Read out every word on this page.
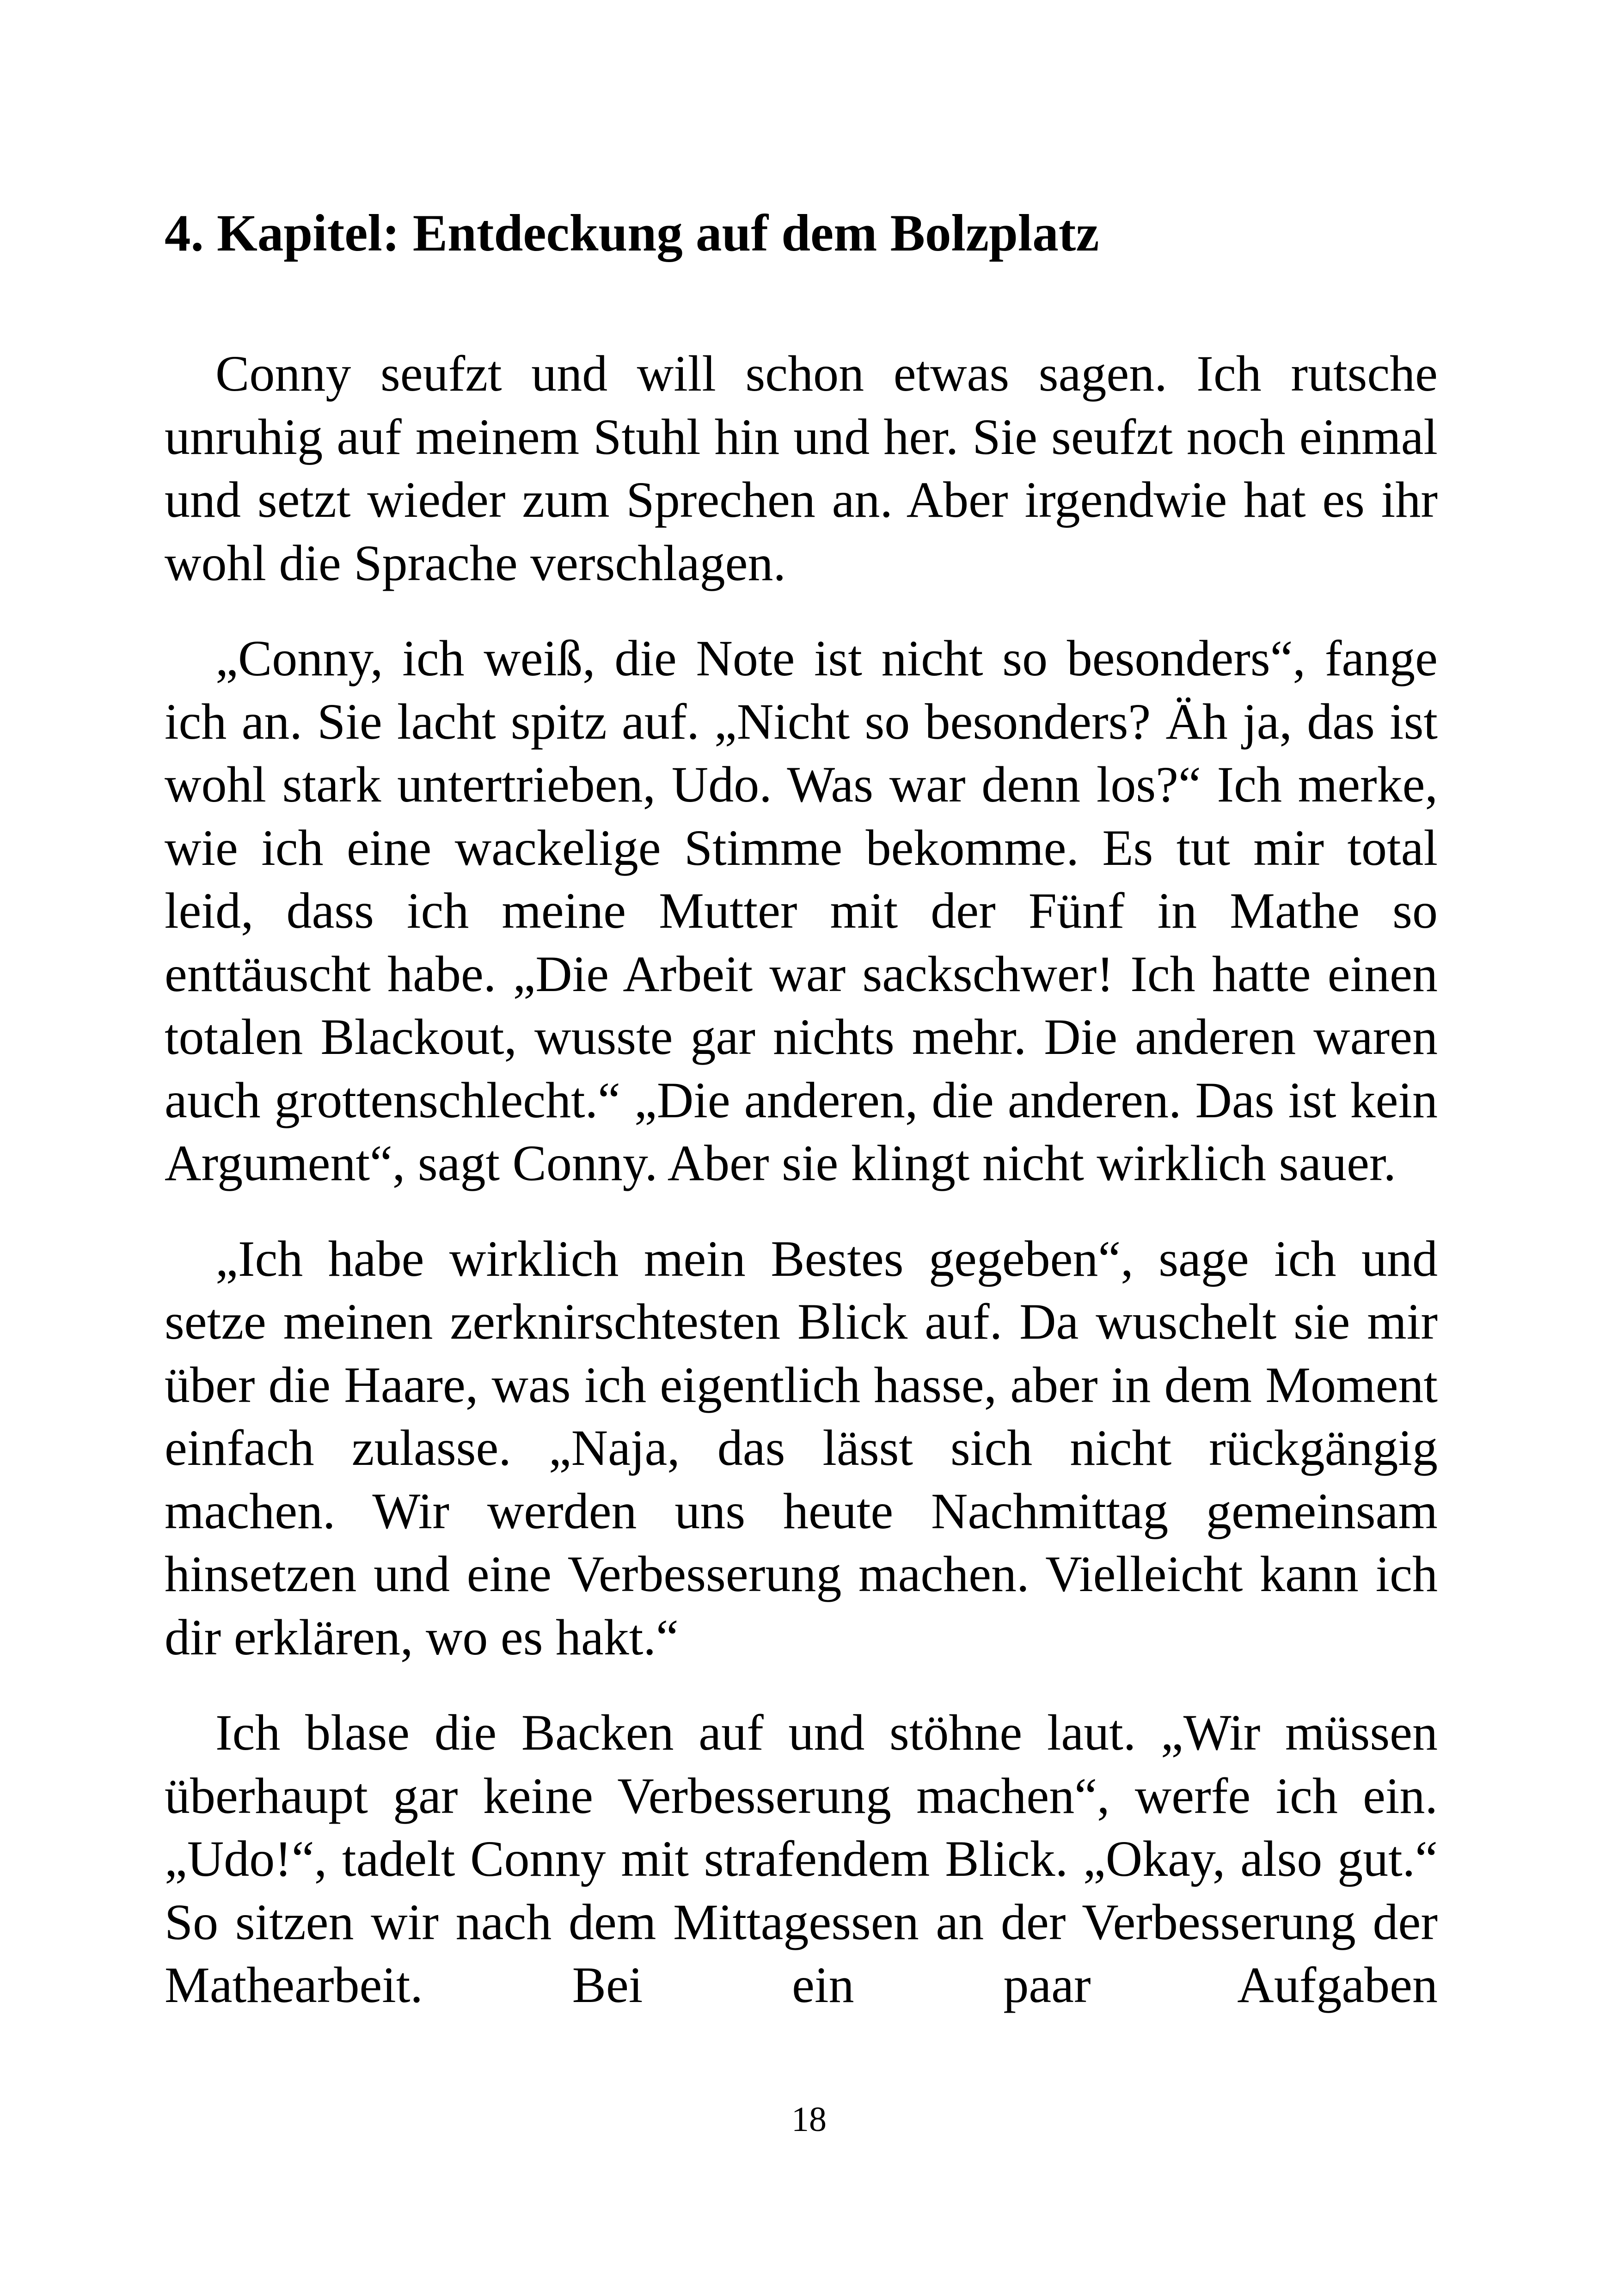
4. Kapitel: Entdeckung auf dem Bolzplatz

Conny seufzt und will schon etwas sagen. Ich rutsche unruhig auf meinem Stuhl hin und her. Sie seufzt noch einmal und setzt wieder zum Sprechen an. Aber irgendwie hat es ihr wohl die Sprache verschlagen.

„Conny, ich weiß, die Note ist nicht so besonders“, fange ich an. Sie lacht spitz auf. „Nicht so besonders? Äh ja, das ist wohl stark untertrieben, Udo. Was war denn los?“ Ich merke, wie ich eine wackelige Stimme bekomme. Es tut mir total leid, dass ich meine Mutter mit der Fünf in Mathe so enttäuscht habe. „Die Arbeit war sackschwer! Ich hatte einen totalen Blackout, wusste gar nichts mehr. Die anderen waren auch grottenschlecht.“ „Die anderen, die anderen. Das ist kein Argument“, sagt Conny. Aber sie klingt nicht wirklich sauer.

„Ich habe wirklich mein Bestes gegeben“, sage ich und setze meinen zerknirschtesten Blick auf. Da wuschelt sie mir über die Haare, was ich eigentlich hasse, aber in dem Moment einfach zulasse. „Naja, das lässt sich nicht rückgängig machen. Wir werden uns heute Nachmittag gemeinsam hinsetzen und eine Verbesserung machen. Vielleicht kann ich dir erklären, wo es hakt.“

Ich blase die Backen auf und stöhne laut. „Wir müssen überhaupt gar keine Verbesserung machen“, werfe ich ein. „Udo!“, tadelt Conny mit strafendem Blick. „Okay, also gut.“ So sitzen wir nach dem Mittagessen an der Verbesserung der Mathearbeit. Bei ein paar Aufgaben

18
